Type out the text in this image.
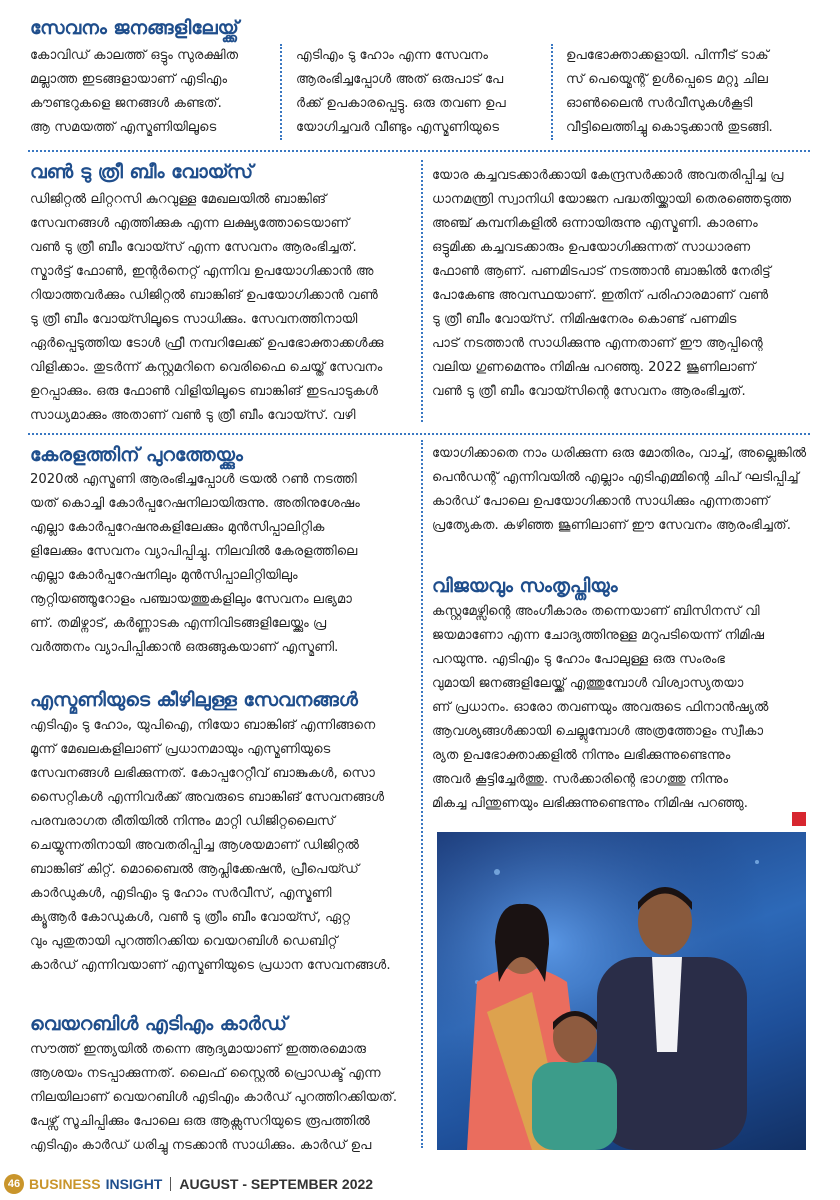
സേവനം ജനങ്ങളിലേയ്ക്ക്
കോവിഡ് കാലത്ത് ഒട്ടും സുരക്ഷിത
മല്ലാത്ത ഇടങ്ങളായാണ് എടിഎം
കൗണ്ടറുകളെ ജനങ്ങൾ കണ്ടത്.
ആ സമയത്ത് എസ്മണിയിലൂടെ
എടിഎം ടു ഹോം എന്ന സേവനം
ആരംഭിച്ചപ്പോൾ അത് ഒരുപാട് പേ
ർക്ക് ഉപകാരപ്പെട്ടു. ഒരു തവണ ഉപ
യോഗിച്ചവർ വീണ്ടും എസ്മണിയുടെ
ഉപഭോക്താക്കളായി. പിന്നീട് ടാക്
സ് പെയ്മെന്റ് ഉൾപ്പെടെ മറ്റു ചില
ഓൺലൈൻ സർവീസുകൾകൂടി
വീട്ടിലെത്തിച്ചു കൊടുക്കാൻ തുടങ്ങി.
വൺ ടു ത്രീ ബീം വോയ്സ്
ഡിജിറ്റൽ ലിറ്ററസി കുറവുള്ള മേഖലയിൽ ബാങ്കിങ്
സേവനങ്ങൾ എത്തിക്കുക എന്ന ലക്ഷ്യത്തോടെയാണ്
വൺ ടു ത്രീ ബീം വോയ്സ് എന്ന സേവനം ആരംഭിച്ചത്.
സ്മാർട്ട് ഫോൺ, ഇന്റർനെറ്റ് എന്നിവ ഉപയോഗിക്കാൻ അ
റിയാത്തവർക്കും ഡിജിറ്റൽ ബാങ്കിങ് ഉപയോഗിക്കാൻ വൺ
ടു ത്രീ ബീം വോയ്സിലൂടെ സാധിക്കും. സേവനത്തിനായി
ഏർപ്പെടുത്തിയ ടോൾ ഫ്രീ നമ്പറിലേക്ക് ഉപഭോക്താക്കൾക്കു
വിളിക്കാം. തുടർന്ന് കസ്റ്റമറിനെ വെരിഫൈ ചെയ്ത് സേവനം
ഉറപ്പാക്കും. ഒരു ഫോൺ വിളിയിലൂടെ ബാങ്കിങ് ഇടപാടുകൾ
സാധ്യമാക്കും അതാണ് വൺ ടു ത്രീ ബീം വോയ്സ്. വഴി
യോര കച്ചവടക്കാർക്കായി കേന്ദ്രസർക്കാർ അവതരിപ്പിച്ച പ്ര
ധാനമന്ത്രി സ്വാനിധി യോജന പദ്ധതിയ്ക്കായി തെരഞ്ഞെടുത്ത
അഞ്ച് കമ്പനികളിൽ ഒന്നായിരുന്നു എസ്മണി. കാരണം
ഒട്ടുമിക്ക കച്ചവടക്കാരും ഉപയോഗിക്കുന്നത് സാധാരണ
ഫോൺ ആണ്. പണമിടപാട് നടത്താൻ ബാങ്കിൽ നേരിട്ട്
പോകേണ്ട അവസ്ഥയാണ്. ഇതിന് പരിഹാരമാണ് വൺ
ടു ത്രീ ബീം വോയ്സ്. നിമിഷനേരം കൊണ്ട് പണമിട
പാട് നടത്താൻ സാധിക്കുന്നു എന്നതാണ് ഈ ആപ്പിന്റെ
വലിയ ഗുണമെന്നും നിമിഷ പറഞ്ഞു. 2022 ജൂണിലാണ്
വൺ ടു ത്രീ ബീം വോയ്സിന്റെ സേവനം ആരംഭിച്ചത്.
കേരളത്തിന് പുറത്തേയ്ക്കും
2020ൽ എസ്മണി ആരംഭിച്ചപ്പോൾ ട്രയൽ റൺ നടത്തി
യത് കൊച്ചി കോർപ്പറേഷനിലായിരുന്നു. അതിനുശേഷം
എല്ലാ കോർപ്പറേഷനുകളിലേക്കും മുൻസിപ്പാലിറ്റിക
ളിലേക്കും സേവനം വ്യാപിപ്പിച്ചു. നിലവിൽ കേരളത്തിലെ
എല്ലാ കോർപ്പറേഷനിലും മുൻസിപ്പാലിറ്റിയിലും
നൂറ്റിയഞ്ഞൂറോളം പഞ്ചായത്തുകളിലും സേവനം ലഭ്യമാ
ണ്. തമിഴ്നാട്, കർണ്ണാടക എന്നിവിടങ്ങളിലേയ്ക്കും പ്ര
വർത്തനം വ്യാപിപ്പിക്കാൻ ഒരുങ്ങുകയാണ് എസ്മണി.
എസ്മണിയുടെ കീഴിലുള്ള സേവനങ്ങൾ
എടിഎം ടു ഹോം, യുപിഐ, നിയോ ബാങ്കിങ് എന്നിങ്ങനെ
മൂന്ന് മേഖലകളിലാണ് പ്രധാനമായും എസ്മണിയുടെ
സേവനങ്ങൾ ലഭിക്കുന്നത്. കോപ്പറേറ്റീവ് ബാങ്കുകൾ, സൊ
സൈറ്റികൾ എന്നിവർക്ക് അവരുടെ ബാങ്കിങ് സേവനങ്ങൾ
പരമ്പരാഗത രീതിയിൽ നിന്നും മാറ്റി ഡിജിറ്റലൈസ്
ചെയ്യുന്നതിനായി അവതരിപ്പിച്ച ആശയമാണ് ഡിജിറ്റൽ
ബാങ്കിങ് കിറ്റ്. മൊബൈൽ ആപ്ലിക്കേഷൻ, പ്രീപെയ്ഡ്
കാർഡുകൾ, എടിഎം ടു ഹോം സർവീസ്, എസ്മണി
ക്യൂആർ കോഡുകൾ, വൺ ടു ത്രീം ബീം വോയ്സ്, ഏറ്റ
വും പുതുതായി പുറത്തിറക്കിയ വെയറബിൾ ഡെബിറ്റ്
കാർഡ് എന്നിവയാണ് എസ്മണിയുടെ പ്രധാന സേവനങ്ങൾ.
വെയറബിൾ എടിഎം കാർഡ്
സൗത്ത് ഇന്ത്യയിൽ തന്നെ ആദ്യമായാണ് ഇത്തരമൊരു
ആശയം നടപ്പാക്കുന്നത്. ലൈഫ് സ്റ്റൈൽ പ്രൊഡക്ട് എന്ന
നിലയിലാണ് വെയറബിൾ എടിഎം കാർഡ് പുറത്തിറക്കിയത്.
പേഴ്സ് സൂചിപ്പിക്കും പോലെ ഒരു ആക്സസറിയുടെ രൂപത്തിൽ
എടിഎം കാർഡ് ധരിച്ചു നടക്കാൻ സാധിക്കും. കാർഡ് ഉപ
യോഗിക്കാതെ നാം ധരിക്കുന്ന ഒരു മോതിരം, വാച്ച്, അല്ലെങ്കിൽ
പെൻഡന്റ് എന്നിവയിൽ എല്ലാം എടിഎമ്മിന്റെ ചിപ് ഘടിപ്പിച്ച്
കാർഡ് പോലെ ഉപയോഗിക്കാൻ സാധിക്കും എന്നതാണ്
പ്രത്യേകത. കഴിഞ്ഞ ജൂണിലാണ് ഈ സേവനം ആരംഭിച്ചത്.
വിജയവും സംതൃപ്തിയും
കസ്റ്റമേഴ്സിന്റെ അംഗീകാരം തന്നെയാണ് ബിസിനസ് വി
ജയമാണോ എന്ന ചോദ്യത്തിനുള്ള മറുപടിയെന്ന് നിമിഷ
പറയുന്നു. എടിഎം ടു ഹോം പോലുള്ള ഒരു സംരംഭ
വുമായി ജനങ്ങളിലേയ്ക്ക് എത്തുമ്പോൾ വിശ്വാസ്യതയാ
ണ് പ്രധാനം. ഓരോ തവണയും അവരുടെ ഫിനാൻഷ്യൽ
ആവശ്യങ്ങൾക്കായി ചെല്ലുമ്പോൾ അത്രത്തോളം സ്വീകാ
ര്യത ഉപഭോക്താക്കളിൽ നിന്നും ലഭിക്കുന്നുണ്ടെന്നും
അവർ കൂട്ടിച്ചേർത്തു. സർക്കാരിന്റെ ഭാഗത്തു നിന്നും
മികച്ച പിന്തുണയും ലഭിക്കുന്നുണ്ടെന്നും നിമിഷ പറഞ്ഞു.
46 BUSINESS INSIGHT AUGUST - SEPTEMBER 2022
